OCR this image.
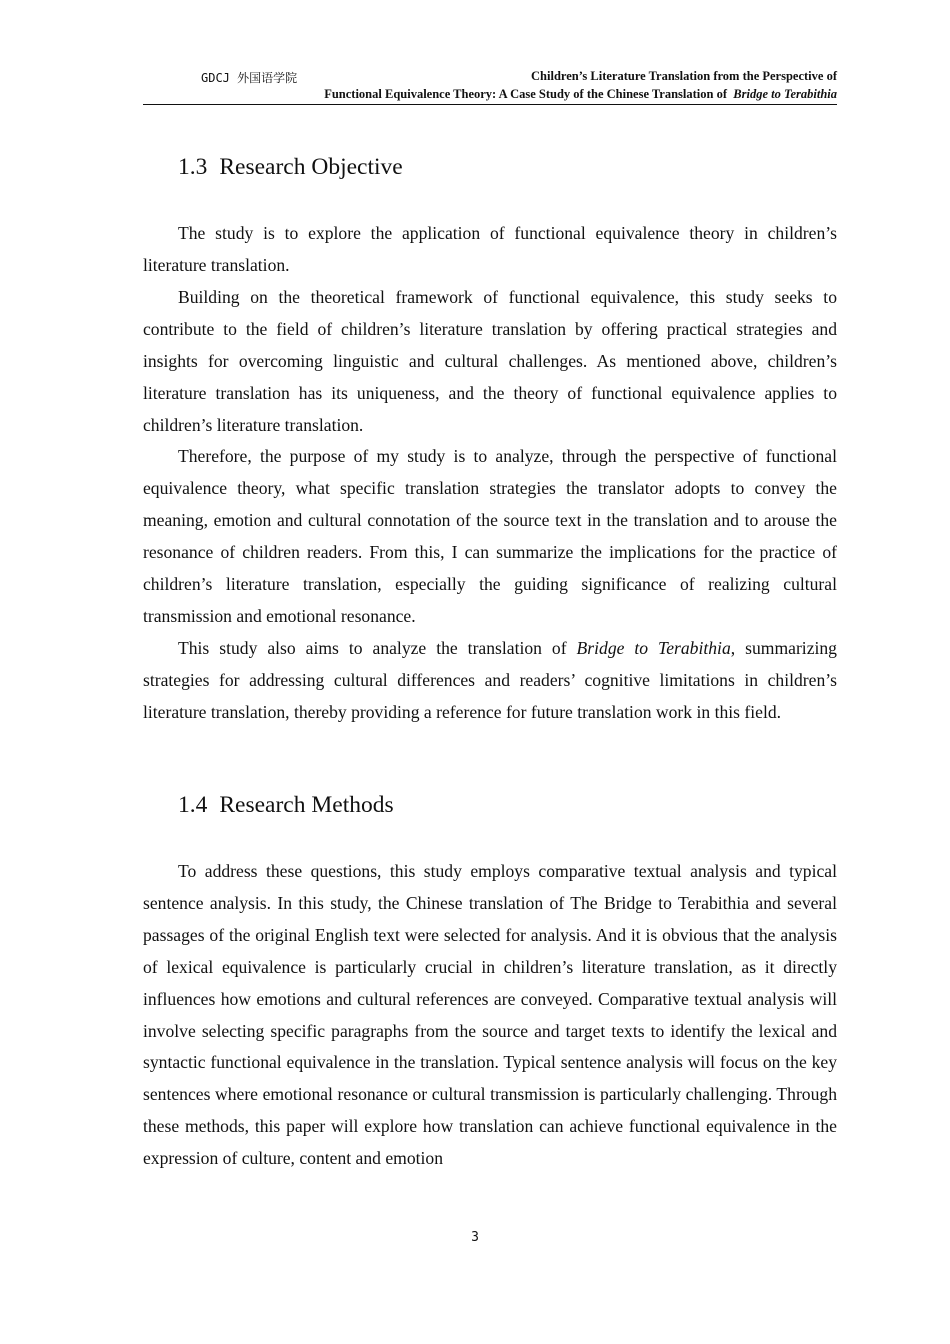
GDCJ 外国语学院	Children’s Literature Translation from the Perspective of
Functional Equivalence Theory: A Case Study of the Chinese Translation of Bridge to Terabithia
1.3 Research Objective

The study is to explore the application of functional equivalence theory in children’s literature translation.

Building on the theoretical framework of functional equivalence, this study seeks to contribute to the field of children’s literature translation by offering practical strategies and insights for overcoming linguistic and cultural challenges. As mentioned above, children’s literature translation has its uniqueness, and the theory of functional equivalence applies to children’s literature translation.

Therefore, the purpose of my study is to analyze, through the perspective of functional equivalence theory, what specific translation strategies the translator adopts to convey the meaning, emotion and cultural connotation of the source text in the translation and to arouse the resonance of children readers. From this, I can summarize the implications for the practice of children’s literature translation, especially the guiding significance of realizing cultural transmission and emotional resonance.

This study also aims to analyze the translation of Bridge to Terabithia, summarizing strategies for addressing cultural differences and readers’ cognitive limitations in children’s literature translation, thereby providing a reference for future translation work in this field.

1.4 Research Methods

To address these questions, this study employs comparative textual analysis and typical sentence analysis. In this study, the Chinese translation of The Bridge to Terabithia and several passages of the original English text were selected for analysis. And it is obvious that the analysis of lexical equivalence is particularly crucial in children’s literature translation, as it directly influences how emotions and cultural references are conveyed. Comparative textual analysis will involve selecting specific paragraphs from the source and target texts to identify the lexical and syntactic functional equivalence in the translation. Typical sentence analysis will focus on the key sentences where emotional resonance or cultural transmission is particularly challenging. Through these methods, this paper will explore how translation can achieve functional equivalence in the expression of culture, content and emotion

3
